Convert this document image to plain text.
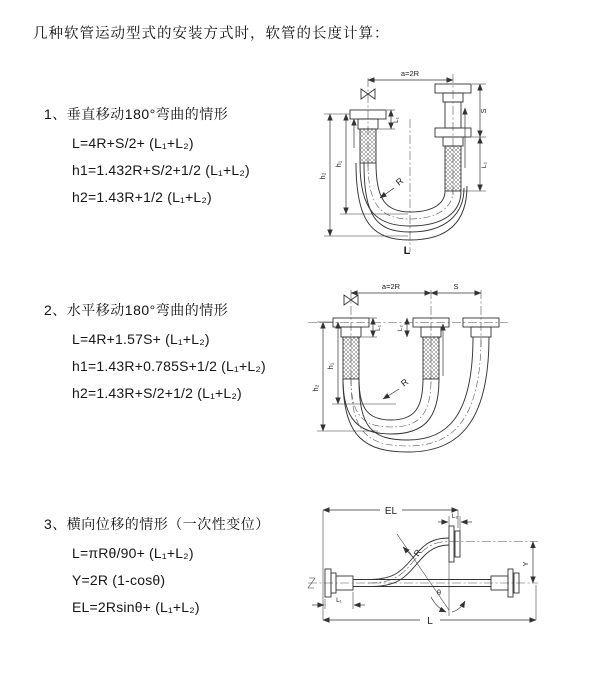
几种软管运动型式的安装方式时，软管的长度计算：
1、垂直移动180°弯曲的情形
L=4R+S/2+ (L₁+L₂)
h1=1.432R+S/2+1/2 (L₁+L₂)
h2=1.43R+1/2 (L₁+L₂)
a=2R
h₁
h₂
L₁
S
L₂
R
L
2、水平移动180°弯曲的情形
L=4R+1.57S+ (L₁+L₂)
h1=1.43R+0.785S+1/2 (L₁+L₂)
h2=1.43R+S/2+1/2 (L₁+L₂)
a=2R	S
h₁
h₂
L₁ L₂
R
3、横向位移的情形（一次性变位）
L=πRθ/90+ (L₁+L₂)
Y=2R (1-cosθ)
EL=2Rsinθ+ (L₁+L₂)
EL	L₂
θ
R
Y
L₁
L
